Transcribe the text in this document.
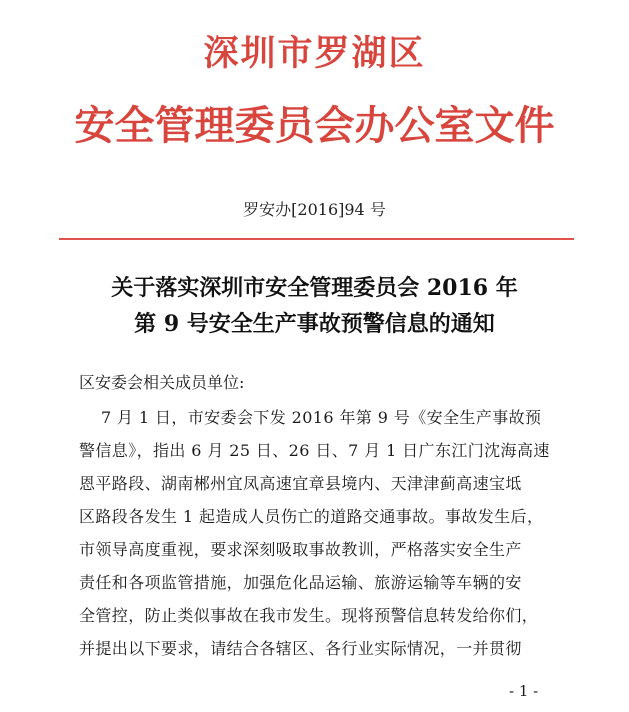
深圳市罗湖区
安全管理委员会办公室文件
罗安办[2016]94 号
关于落实深圳市安全管理委员会 2016 年
第 9 号安全生产事故预警信息的通知
区安委会相关成员单位:
7 月 1 日，市安委会下发 2016 年第 9 号《安全生产事故预
警信息》，指出 6 月 25 日、26 日、7 月 1 日广东江门沈海高速
恩平路段、湖南郴州宜凤高速宜章县境内、天津津蓟高速宝坻
区路段各发生 1 起造成人员伤亡的道路交通事故。事故发生后，
市领导高度重视，要求深刻吸取事故教训，严格落实安全生产
责任和各项监管措施，加强危化品运输、旅游运输等车辆的安
全管控，防止类似事故在我市发生。现将预警信息转发给你们，
并提出以下要求，请结合各辖区、各行业实际情况，一并贯彻
- 1 -
